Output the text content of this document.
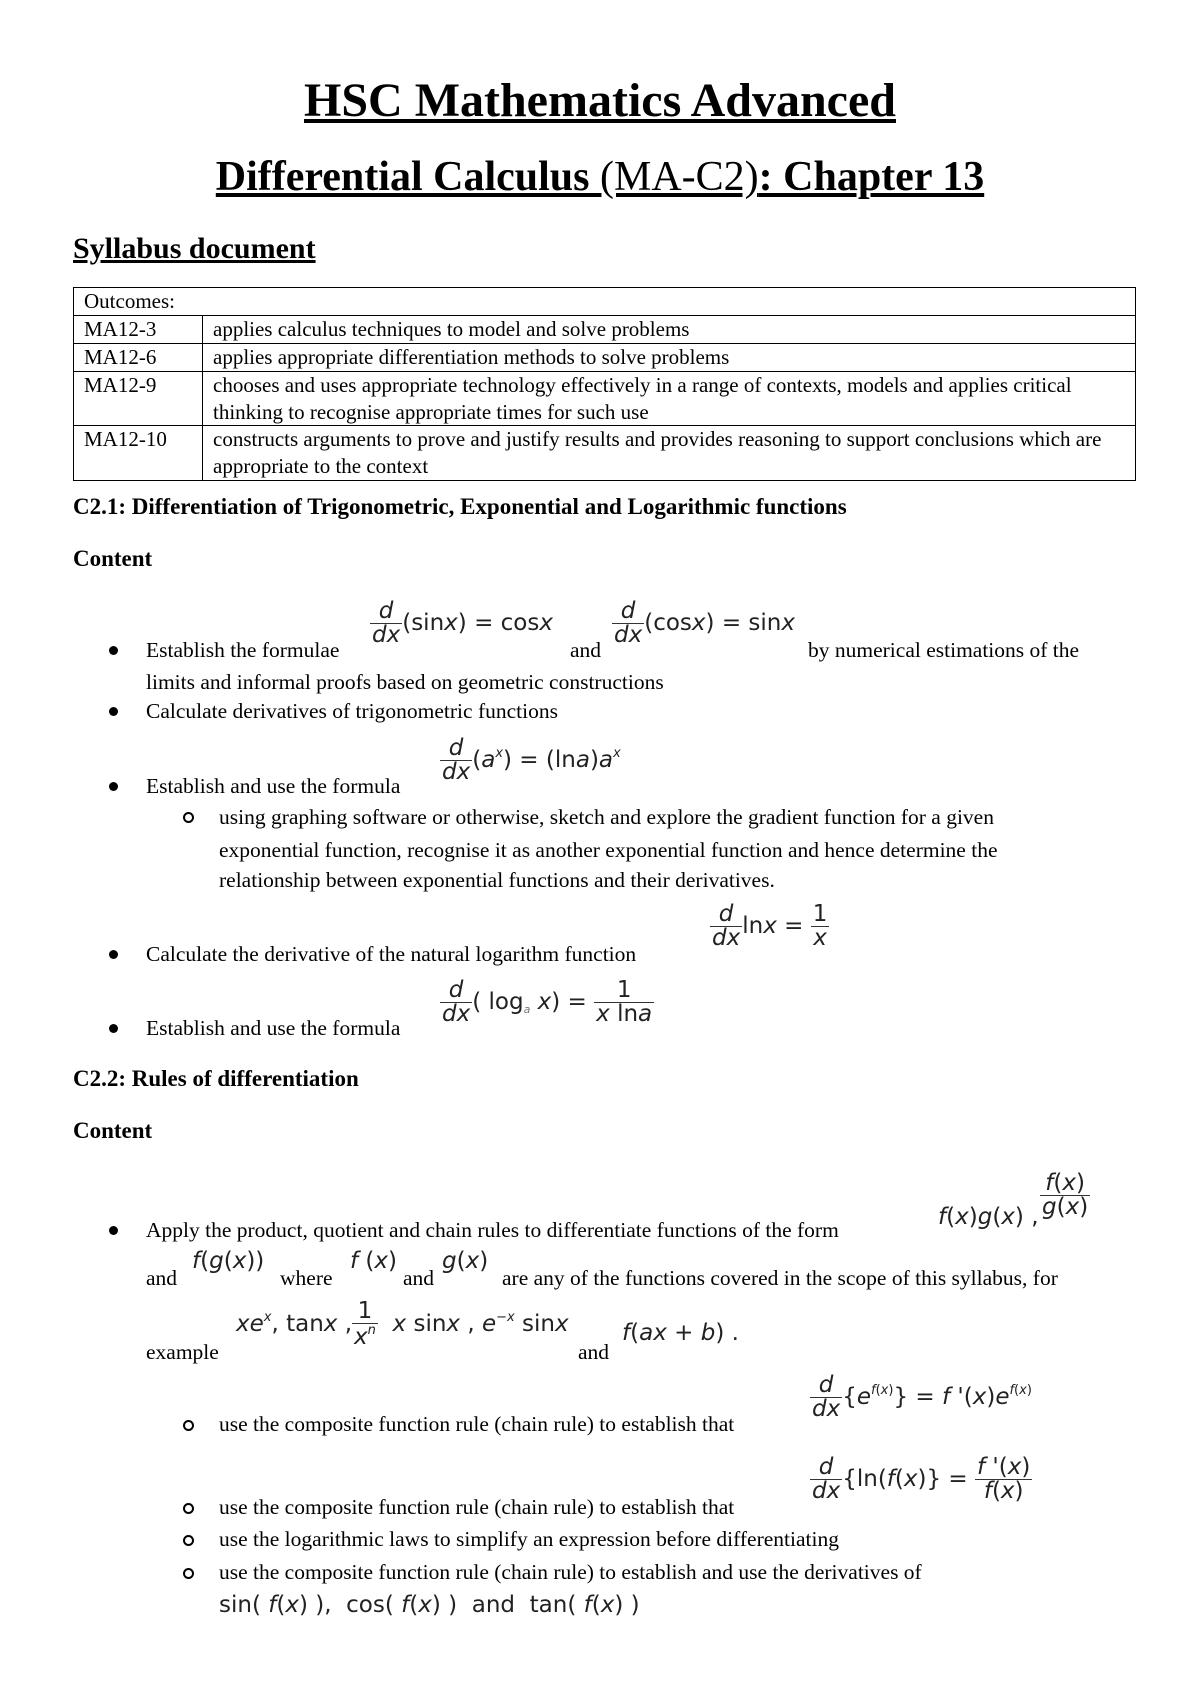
HSC Mathematics Advanced
Differential Calculus (MA-C2): Chapter 13
Syllabus document
Outcomes:	
MA12-3	applies calculus techniques to model and solve problems
MA12-6	applies appropriate differentiation methods to solve problems
MA12-9	chooses and uses appropriate technology effectively in a range of contexts, models and applies critical thinking to recognise appropriate times for such use
MA12-10	constructs arguments to prove and justify results and provides reasoning to support conclusions which are appropriate to the context
C2.1: Differentiation of Trigonometric, Exponential and Logarithmic functions
Content
Establish the formulae
$\frac{d}{dx} (\sin x) = \cos x$
and
$\frac{d}{dx} (\cos x) = \sin x$
by numerical estimations of the
limits and informal proofs based on geometric constructions
Calculate derivatives of trigonometric functions
Establish and use the formula
$\frac{d}{dx} (a^x) = (\ln a)a^x$
using graphing software or otherwise, sketch and explore the gradient function for a given
exponential function, recognise it as another exponential function and hence determine the
relationship between exponential functions and their derivatives.
Calculate the derivative of the natural logarithm function
$\frac{d}{dx}$ $\ln x = \frac{1}{x}$
Establish and use the formula
$\frac{d}{dx}$ ( $\log_a x) = \frac{1}{\text{x lna}}$
C2.2: Rules of differentiation
Content
Apply the product, quotient and chain rules to differentiate functions of the form	f(x)g(x) , $\frac{f(x)}{g(x)}$
and
f(g(x))
where
f (x)
and
g(x)
are any of the functions covered in the scope of this syllabus, for
example
$xe^x$, tanx , $\frac{1}{x^n}$ x sinx , $e^{-x}$ sinx
and
f(ax + b) .
use the composite function rule (chain rule) to establish that
$\frac{d}{dx} \{e^{f(x)}\} = f$ '$(x)e^{f(x)}$
use the composite function rule (chain rule) to establish that
$\frac{d}{dx} \{\ln(f(x)\} = \frac{f '(x)}{f(x)}$
use the logarithmic laws to simplify an expression before differentiating
use the composite function rule (chain rule) to establish and use the derivatives of
sin( f(x) ),  cos( f(x) )  and  tan( f(x) )
